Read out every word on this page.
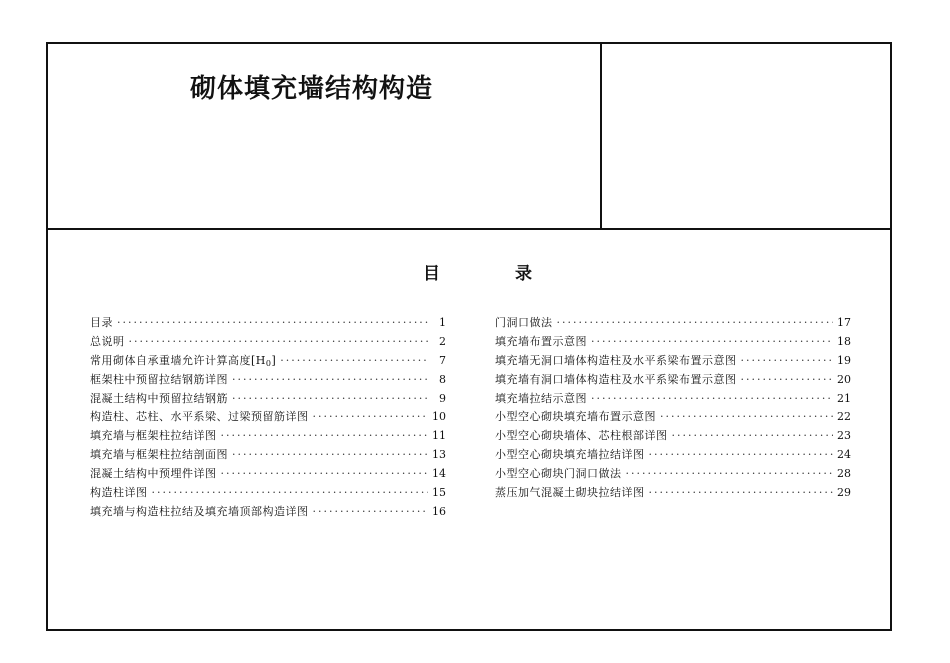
砌体填充墙结构构造
目	录
目录 ·····	1
总说明 ·····	2
常用砌体自承重墙允许计算高度$[H_0]$ ·····	7
框架柱中预留拉结钢筋详图 ·····	8
混凝土结构中预留拉结钢筋 ·····	9
构造柱、芯柱、水平系梁、过梁预留筋详图 ·····	10
填充墙与框架柱拉结详图 ·····	11
填充墙与框架柱拉结剖面图 ·····	13
混凝土结构中预埋件详图 ·····	14
构造柱详图 ·····	15
填充墙与构造柱拉结及填充墙顶部构造详图 ·····	16
门洞口做法 ·····	17
填充墙布置示意图 ·····	18
填充墙无洞口墙体构造柱及水平系梁布置示意图 ·····	19
填充墙有洞口墙体构造柱及水平系梁布置示意图 ·····	20
填充墙拉结示意图 ·····	21
小型空心砌块填充墙布置示意图 ·····	22
小型空心砌块墙体、芯柱根部详图 ·····	23
小型空心砌块填充墙拉结详图 ·····	24
小型空心砌块门洞口做法 ·····	28
蒸压加气混凝土砌块拉结详图 ·····	29
